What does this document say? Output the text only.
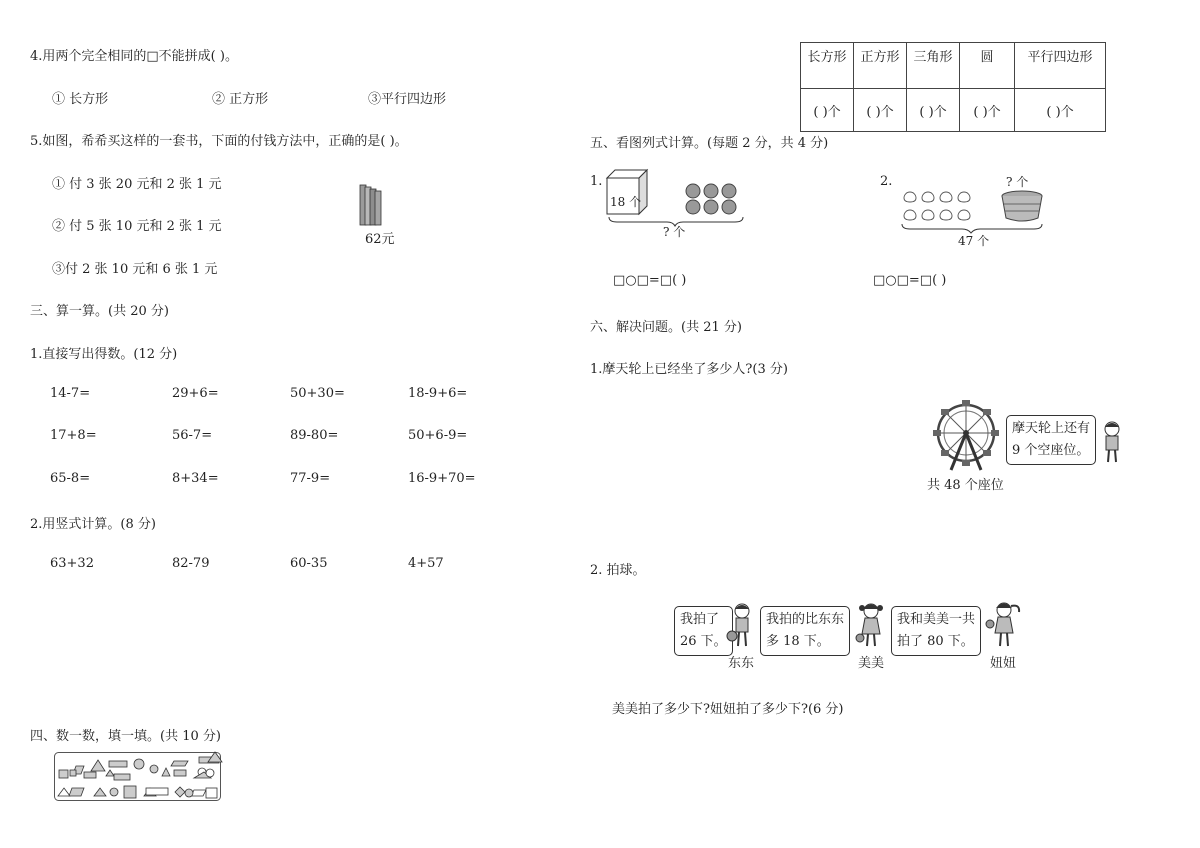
4.用两个完全相同的□不能拼成( )。
① 长方形	② 正方形	③平行四边形
5.如图，希希买这样的一套书，下面的付钱方法中，正确的是( )。
① 付 3 张 20 元和 2 张 1 元
② 付 5 张 10 元和 2 张 1 元
③付 2 张 10 元和 6 张 1 元
62元
三、算一算。(共 20 分)
1.直接写出得数。(12 分)
14-7=	29+6=	50+30=	18-9+6=
17+8=	56-7=	89-80=	50+6-9=
65-8=	8+34=	77-9=	16-9+70=
2.用竖式计算。(8 分)
63+32	82-79	60-35	4+57
四、数一数，填一填。(共 10 分)
长方形	正方形	三角形	圆	平行四边形
( )个	( )个	( )个	( )个	( )个
五、看图列式计算。(每题 2 分，共 4 分)
1.
18 个
? 个
□○□=□( )
2.	? 个
47 个
□○□=□( )
六、解决问题。(共 21 分)
1.摩天轮上已经坐了多少人?(3 分)
摩天轮上还有
9 个空座位。
共 48 个座位
2. 拍球。
我拍了
26 下。
东东
我拍的比东东
多 18 下。
美美
我和美美一共
拍了 80 下。
妞妞
美美拍了多少下?妞妞拍了多少下?(6 分)
